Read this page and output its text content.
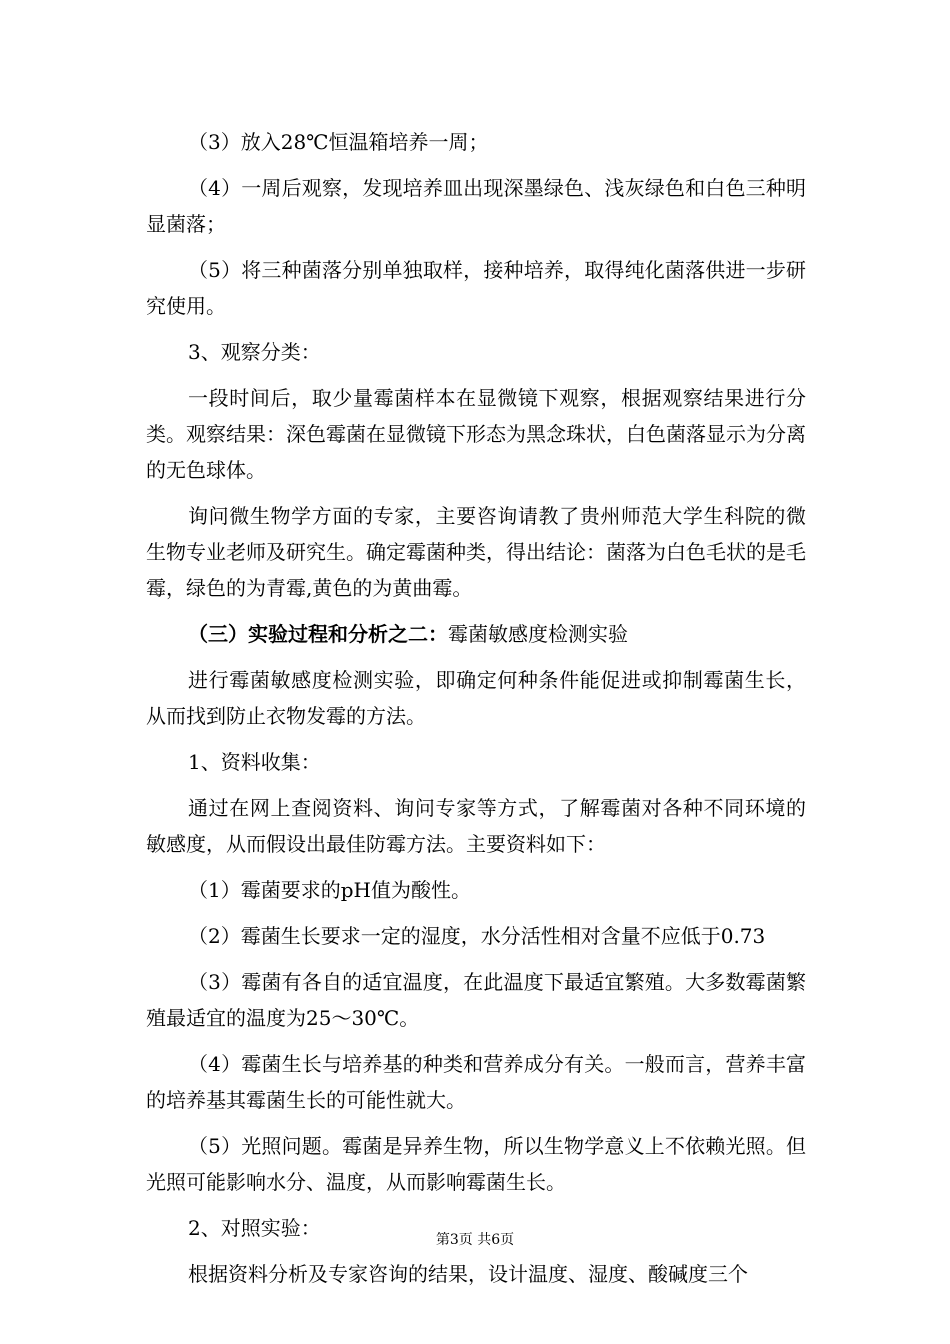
（3）放入28℃恒温箱培养一周；

（4）一周后观察，发现培养皿出现深墨绿色、浅灰绿色和白色三种明显菌落；

（5）将三种菌落分别单独取样，接种培养，取得纯化菌落供进一步研究使用。

3、观察分类：

一段时间后，取少量霉菌样本在显微镜下观察，根据观察结果进行分类。观察结果：深色霉菌在显微镜下形态为黑念珠状，白色菌落显示为分离的无色球体。

询问微生物学方面的专家，主要咨询请教了贵州师范大学生科院的微生物专业老师及研究生。确定霉菌种类，得出结论：菌落为白色毛状的是毛霉，绿色的为青霉,黄色的为黄曲霉。

（三）实验过程和分析之二：霉菌敏感度检测实验

进行霉菌敏感度检测实验，即确定何种条件能促进或抑制霉菌生长，从而找到防止衣物发霉的方法。

1、资料收集：

通过在网上查阅资料、询问专家等方式，了解霉菌对各种不同环境的敏感度，从而假设出最佳防霉方法。主要资料如下：

（1）霉菌要求的pH值为酸性。

（2）霉菌生长要求一定的湿度，水分活性相对含量不应低于0.73

（3）霉菌有各自的适宜温度，在此温度下最适宜繁殖。大多数霉菌繁殖最适宜的温度为25～30℃。

（4）霉菌生长与培养基的种类和营养成分有关。一般而言，营养丰富的培养基其霉菌生长的可能性就大。

（5）光照问题。霉菌是异养生物，所以生物学意义上不依赖光照。但光照可能影响水分、温度，从而影响霉菌生长。

2、对照实验：

根据资料分析及专家咨询的结果，设计温度、湿度、酸碱度三个

第3页 共6页
